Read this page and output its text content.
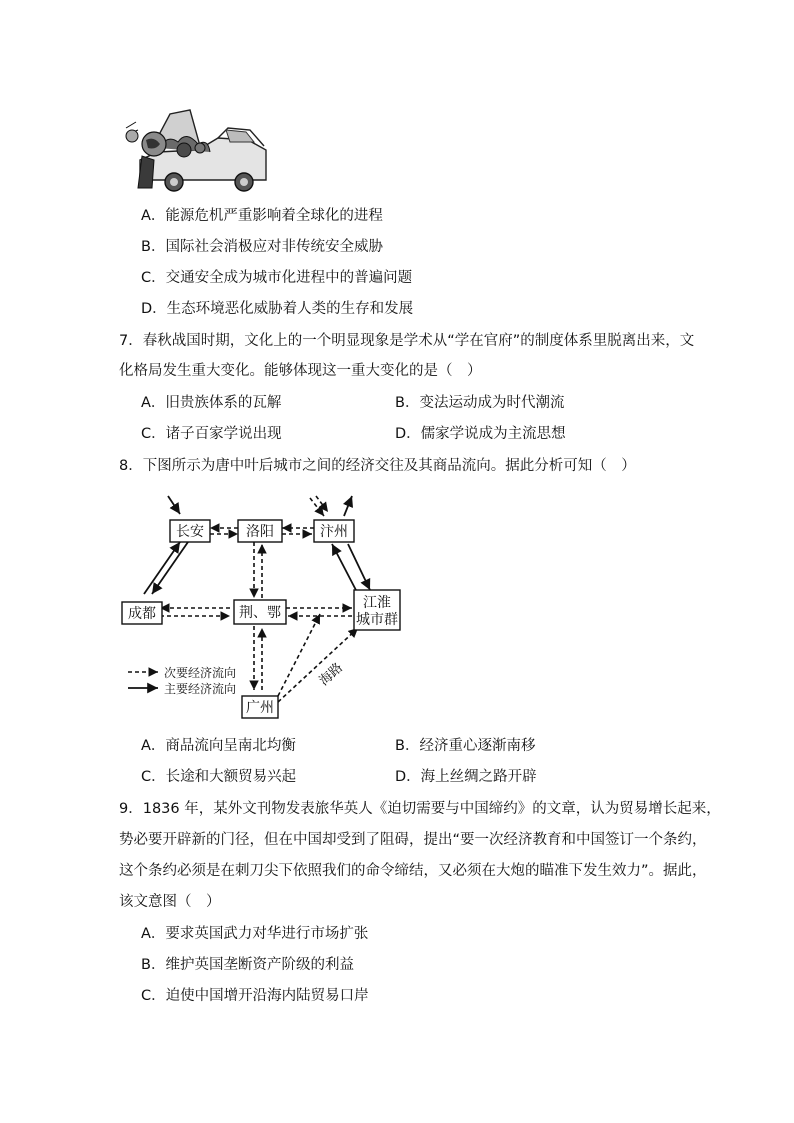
A．能源危机严重影响着全球化的进程
B．国际社会消极应对非传统安全威胁
C．交通安全成为城市化进程中的普遍问题
D．生态环境恶化威胁着人类的生存和发展
7．春秋战国时期，文化上的一个明显现象是学术从“学在官府”的制度体系里脱离出来，文
化格局发生重大变化。能够体现这一重大变化的是（　）
A．旧贵族体系的瓦解	B．变法运动成为时代潮流
C．诸子百家学说出现	D．儒家学说成为主流思想
8．下图所示为唐中叶后城市之间的经济交往及其商品流向。据此分析可知（　）
长安	洛阳	汴州
成都	荆、鄂
江淮
城市群
广州
海路
次要经济流向
主要经济流向
A．商品流向呈南北均衡	B．经济重心逐渐南移
C．长途和大额贸易兴起	D．海上丝绸之路开辟
9．1836 年，某外文刊物发表旅华英人《迫切需要与中国缔约》的文章，认为贸易增长起来，
势必要开辟新的门径，但在中国却受到了阻碍，提出“要一次经济教育和中国签订一个条约，
这个条约必须是在刺刀尖下依照我们的命令缔结，又必须在大炮的瞄准下发生效力”。据此，
该文意图（　）
A．要求英国武力对华进行市场扩张
B．维护英国垄断资产阶级的利益
C．迫使中国增开沿海内陆贸易口岸
